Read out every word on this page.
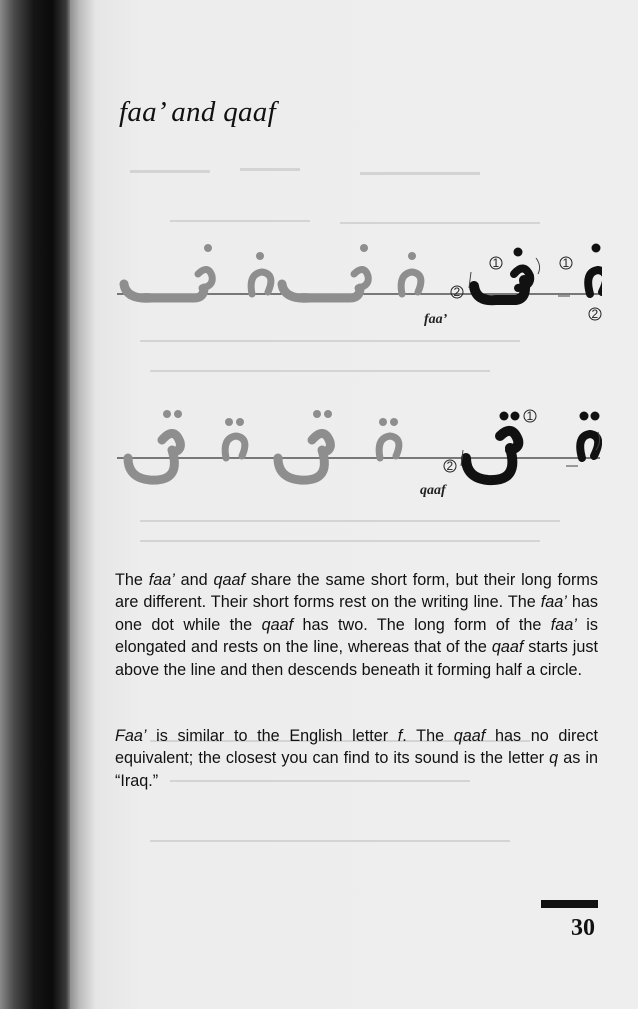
faa’ and qaaf
1	1
2
2
faa’
1
2
qaaf

The faa’ and qaaf share the same short form, but their long forms are different. Their short forms rest on the writing line. The faa’ has one dot while the qaaf has two. The long form of the faa’ is elongated and rests on the line, whereas that of the qaaf starts just above the line and then descends beneath it forming half a circle.

Faa’ is similar to the English letter f. The qaaf has no direct equivalent; the closest you can find to its sound is the letter q as in “Iraq.”

30
